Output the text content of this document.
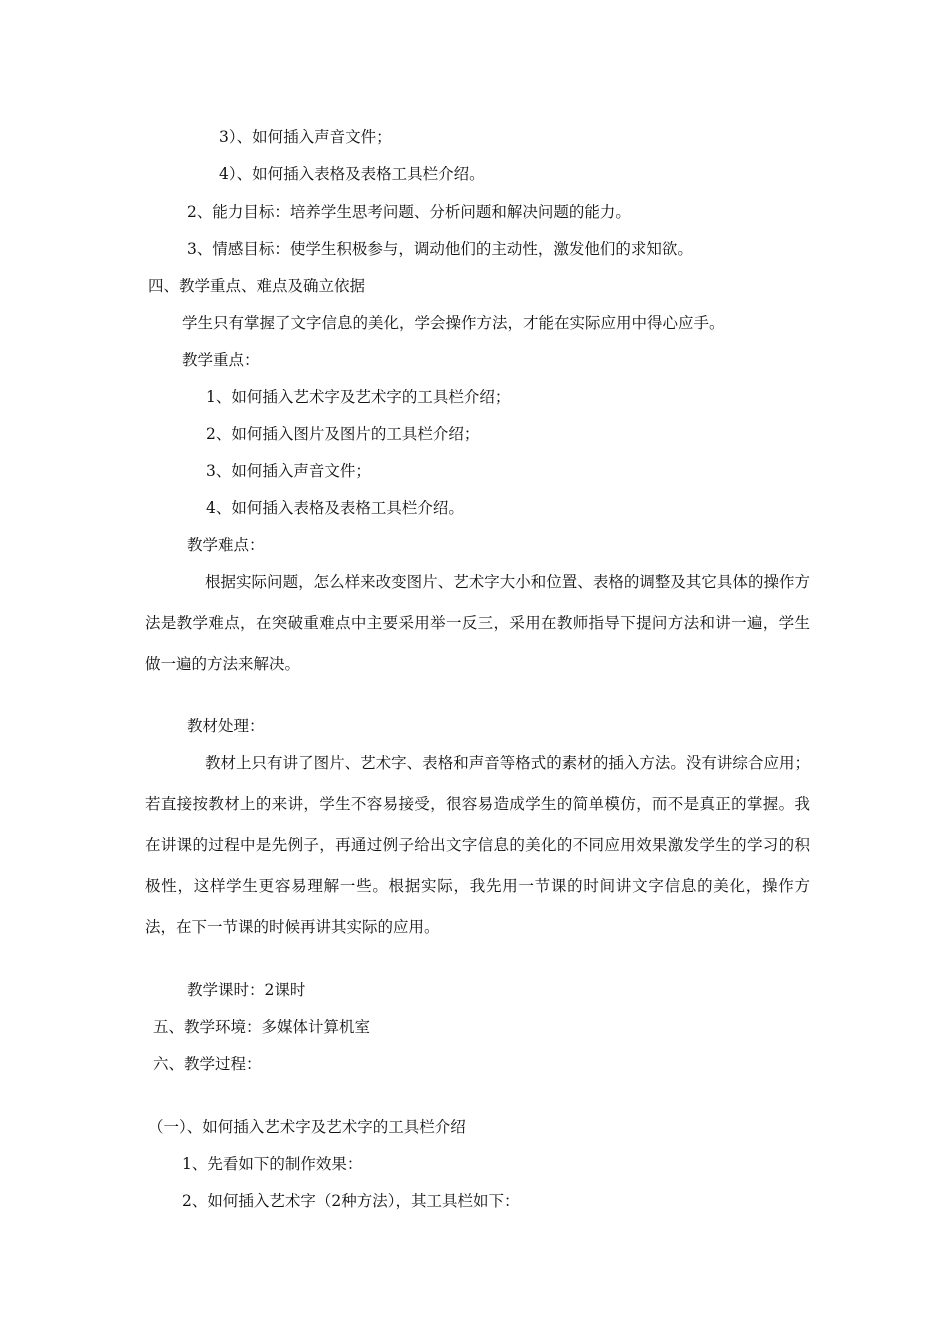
3）、如何插入声音文件；
4）、如何插入表格及表格工具栏介绍。
2、能力目标：培养学生思考问题、分析问题和解决问题的能力。
3、情感目标：使学生积极参与，调动他们的主动性，激发他们的求知欲。
四、教学重点、难点及确立依据
学生只有掌握了文字信息的美化，学会操作方法，才能在实际应用中得心应手。
教学重点：
1、如何插入艺术字及艺术字的工具栏介绍；
2、如何插入图片及图片的工具栏介绍；
3、如何插入声音文件；
4、如何插入表格及表格工具栏介绍。
教学难点：
根据实际问题，怎么样来改变图片、艺术字大小和位置、表格的调整及其它具体的操作方法是教学难点，在突破重难点中主要采用举一反三，采用在教师指导下提问方法和讲一遍，学生做一遍的方法来解决。
教材处理：
教材上只有讲了图片、艺术字、表格和声音等格式的素材的插入方法。没有讲综合应用；若直接按教材上的来讲，学生不容易接受，很容易造成学生的简单模仿，而不是真正的掌握。我在讲课的过程中是先例子，再通过例子给出文字信息的美化的不同应用效果激发学生的学习的积极性，这样学生更容易理解一些。根据实际，我先用一节课的时间讲文字信息的美化，操作方法，在下一节课的时候再讲其实际的应用。
教学课时：2课时
五、教学环境：多媒体计算机室
六、教学过程：
（一）、如何插入艺术字及艺术字的工具栏介绍
1、先看如下的制作效果：
2、如何插入艺术字（2种方法），其工具栏如下：
